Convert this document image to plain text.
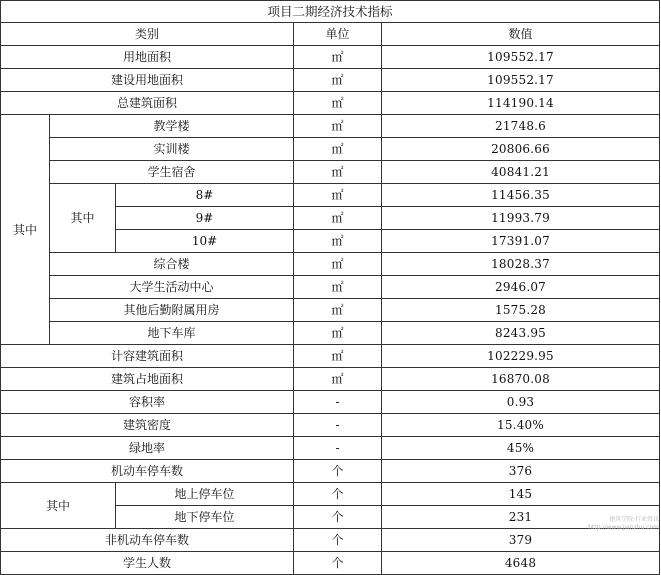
项目二期经济技术指标					
类别			单位	数值	
用地面积			㎡	109552.17	
建设用地面积			㎡	109552.17	
总建筑面积			㎡	114190.14	
其中	教学楼		㎡	21748.6	
	实训楼		㎡	20806.66	
	学生宿舍		㎡	40841.21	
	其中	8#	㎡	11456.35	
		9#	㎡	11993.79	
		10#	㎡	17391.07	
	综合楼		㎡	18028.37	
	大学生活动中心		㎡	2946.07	
	其他后勤附属用房		㎡	1575.28	
	地下车库		㎡	8243.95	
计容建筑面积			㎡	102229.95	
建筑占地面积			㎡	16870.08	
容积率			-	0.93	
建筑密度			-	15.40%	
绿地率			-	45%	
机动车停车数			个	376	
其中		地上停车位	个	145	
		地下停车位	个	231	
非机动车停车数			个	379	
学生人数			个	4648	
建筑学院·行业资讯
http://www.jianzhu.com
